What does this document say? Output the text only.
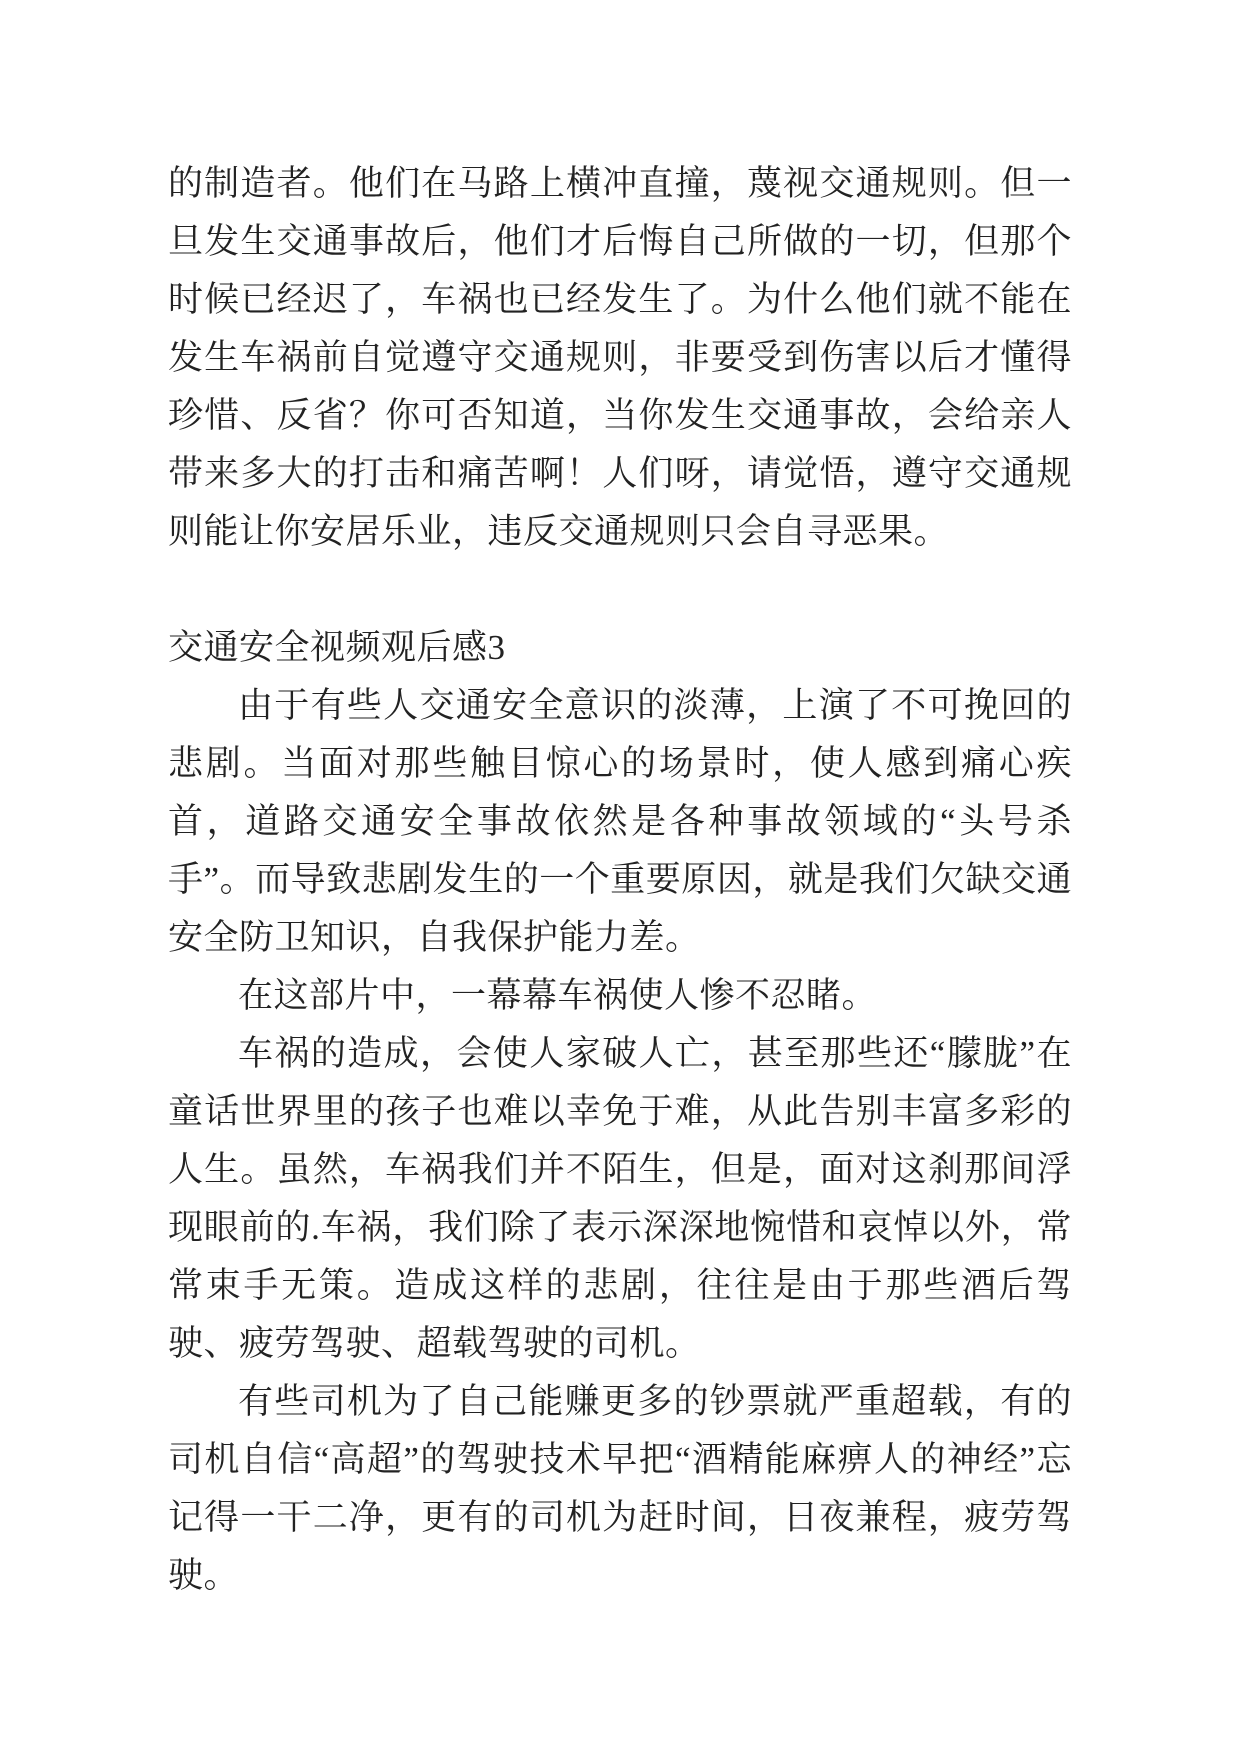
的制造者。他们在马路上横冲直撞，蔑视交通规则。但一旦发生交通事故后，他们才后悔自己所做的一切，但那个时候已经迟了，车祸也已经发生了。为什么他们就不能在发生车祸前自觉遵守交通规则，非要受到伤害以后才懂得珍惜、反省？你可否知道，当你发生交通事故，会给亲人带来多大的打击和痛苦啊！人们呀，请觉悟，遵守交通规则能让你安居乐业，违反交通规则只会自寻恶果。

交通安全视频观后感3

由于有些人交通安全意识的淡薄，上演了不可挽回的悲剧。当面对那些触目惊心的场景时，使人感到痛心疾首，道路交通安全事故依然是各种事故领域的“头号杀手”。而导致悲剧发生的一个重要原因，就是我们欠缺交通安全防卫知识，自我保护能力差。

在这部片中，一幕幕车祸使人惨不忍睹。

车祸的造成，会使人家破人亡，甚至那些还“朦胧”在童话世界里的孩子也难以幸免于难，从此告别丰富多彩的人生。虽然，车祸我们并不陌生，但是，面对这刹那间浮现眼前的.车祸，我们除了表示深深地惋惜和哀悼以外，常常束手无策。造成这样的悲剧，往往是由于那些酒后驾驶、疲劳驾驶、超载驾驶的司机。

有些司机为了自己能赚更多的钞票就严重超载，有的司机自信“高超”的驾驶技术早把“酒精能麻痹人的神经”忘记得一干二净，更有的司机为赶时间，日夜兼程，疲劳驾驶。
